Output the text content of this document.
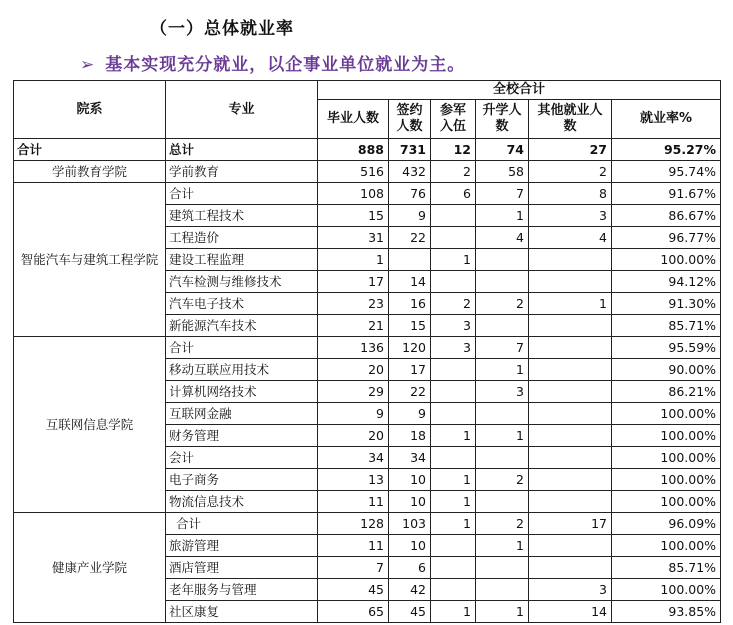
（一）总体就业率
➢ 基本实现充分就业，以企事业单位就业为主。
院系	专业	全校合计					
		毕业人数	签约人数	参军入伍	升学人数	其他就业人数	就业率%
合计	总计	888	731	12	74	27	95.27%
学前教育学院	学前教育	516	432	2	58	2	95.74%
智能汽车与建筑工程学院	合计	108	76	6	7	8	91.67%
	建筑工程技术	15	9		1	3	86.67%
	工程造价	31	22		4	4	96.77%
	建设工程监理	1		1			100.00%
	汽车检测与维修技术	17	14				94.12%
	汽车电子技术	23	16	2	2	1	91.30%
	新能源汽车技术	21	15	3			85.71%
互联网信息学院	合计	136	120	3	7		95.59%
	移动互联应用技术	20	17		1		90.00%
	计算机网络技术	29	22		3		86.21%
	互联网金融	9	9				100.00%
	财务管理	20	18	1	1		100.00%
	会计	34	34				100.00%
	电子商务	13	10	1	2		100.00%
	物流信息技术	11	10	1			100.00%
健康产业学院	合计	128	103	1	2	17	96.09%
	旅游管理	11	10		1		100.00%
	酒店管理	7	6				85.71%
	老年服务与管理	45	42			3	100.00%
	社区康复	65	45	1	1	14	93.85%
